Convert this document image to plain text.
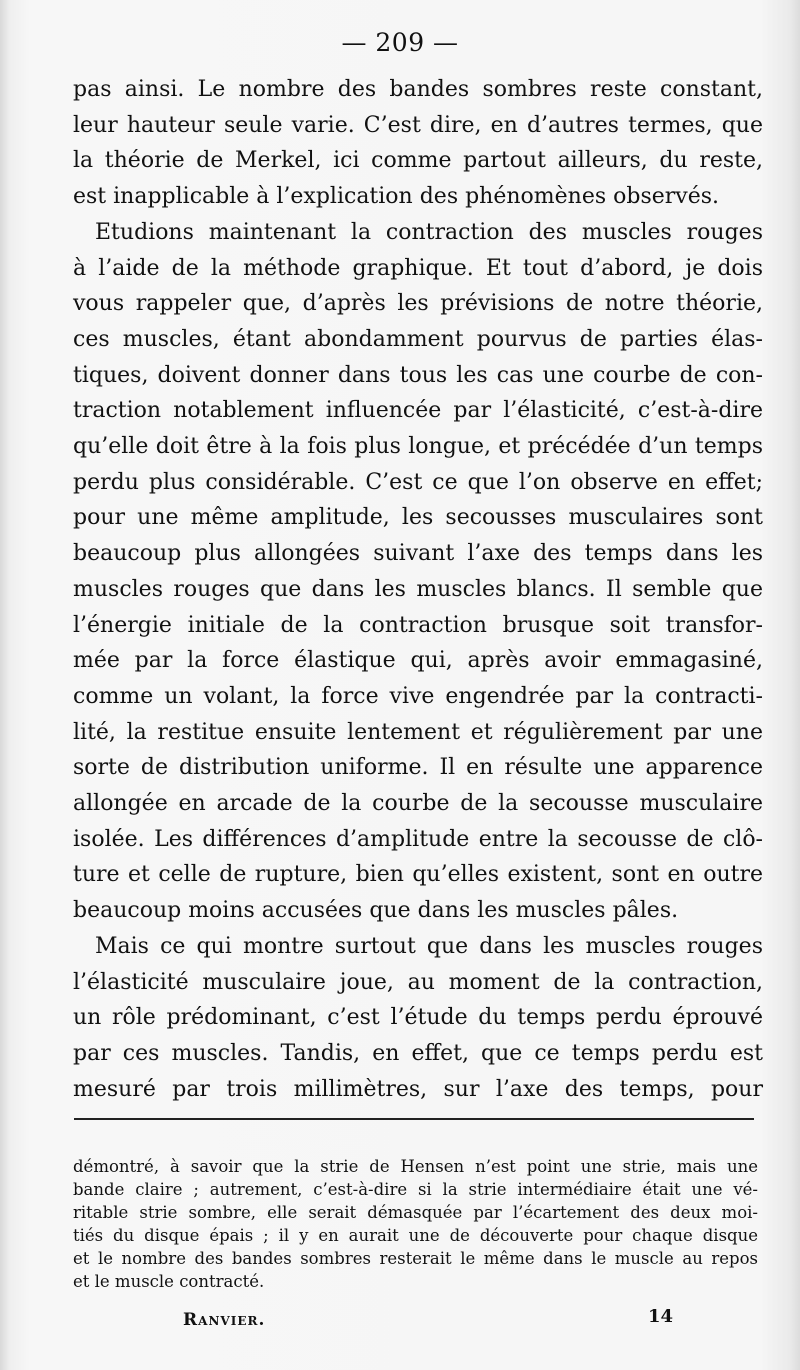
— 209 —
pas ainsi. Le nombre des bandes sombres reste constant,
leur hauteur seule varie. C’est dire, en d’autres termes, que
la théorie de Merkel, ici comme partout ailleurs, du reste,
est inapplicable à l’explication des phénomènes observés.
Etudions maintenant la contraction des muscles rouges
à l’aide de la méthode graphique. Et tout d’abord, je dois
vous rappeler que, d’après les prévisions de notre théorie,
ces muscles, étant abondamment pourvus de parties élas-
tiques, doivent donner dans tous les cas une courbe de con-
traction notablement influencée par l’élasticité, c’est-à-dire
qu’elle doit être à la fois plus longue, et précédée d’un temps
perdu plus considérable. C’est ce que l’on observe en effet;
pour une même amplitude, les secousses musculaires sont
beaucoup plus allongées suivant l’axe des temps dans les
muscles rouges que dans les muscles blancs. Il semble que
l’énergie initiale de la contraction brusque soit transfor-
mée par la force élastique qui, après avoir emmagasiné,
comme un volant, la force vive engendrée par la contracti-
lité, la restitue ensuite lentement et régulièrement par une
sorte de distribution uniforme. Il en résulte une apparence
allongée en arcade de la courbe de la secousse musculaire
isolée. Les différences d’amplitude entre la secousse de clô-
ture et celle de rupture, bien qu’elles existent, sont en outre
beaucoup moins accusées que dans les muscles pâles.
Mais ce qui montre surtout que dans les muscles rouges
l’élasticité musculaire joue, au moment de la contraction,
un rôle prédominant, c’est l’étude du temps perdu éprouvé
par ces muscles. Tandis, en effet, que ce temps perdu est
mesuré par trois millimètres, sur l’axe des temps, pour
démontré, à savoir que la strie de Hensen n’est point une strie, mais une
bande claire ; autrement, c’est-à-dire si la strie intermédiaire était une vé-
ritable strie sombre, elle serait démasquée par l’écartement des deux moi-
tiés du disque épais ; il y en aurait une de découverte pour chaque disque
et le nombre des bandes sombres resterait le même dans le muscle au repos
et le muscle contracté.
Ranvier.	14
